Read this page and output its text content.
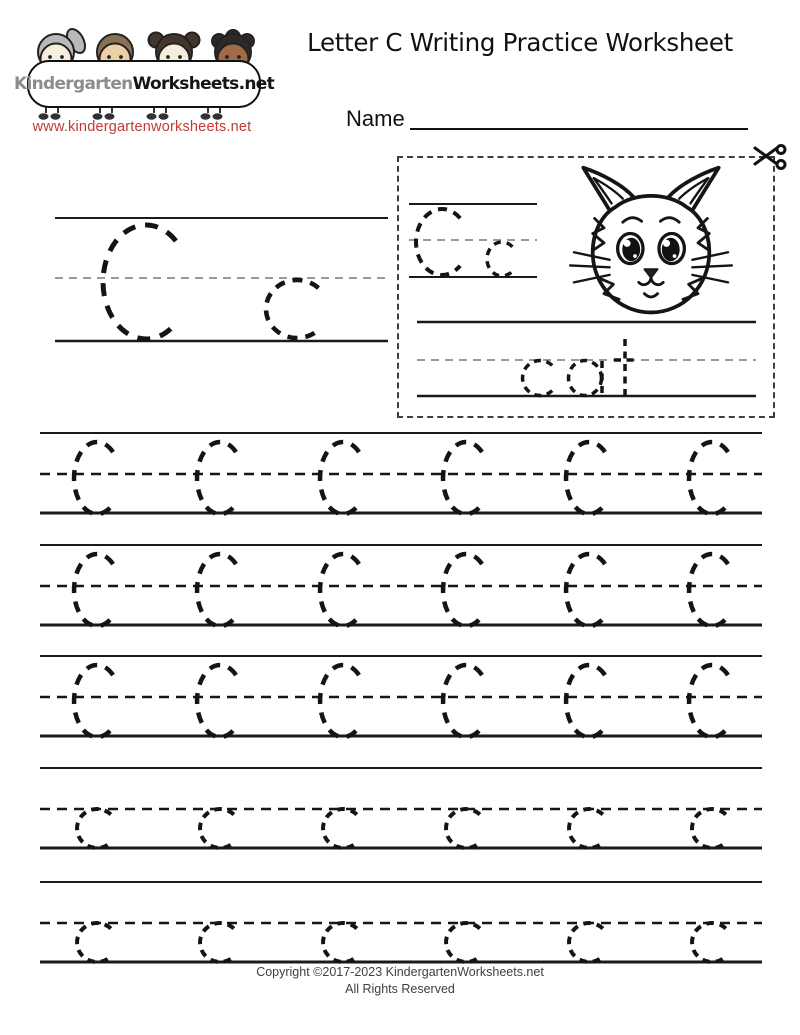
Kindergarten Worksheets.net
www.kindergartenworksheets.net
Letter C Writing Practice Worksheet
Name
Copyright ©2017-2023 KindergartenWorksheets.net
All Rights Reserved
